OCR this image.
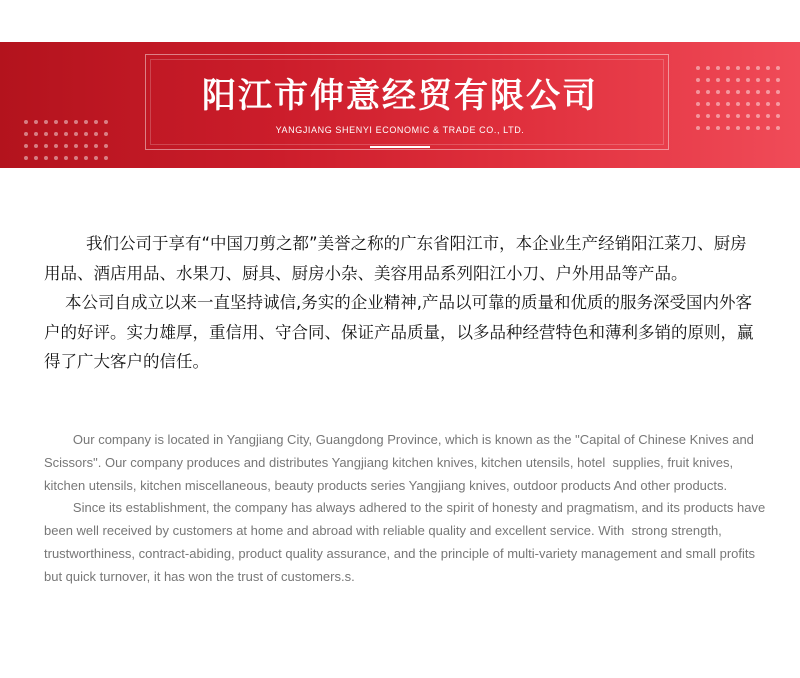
阳江市伸意经贸有限公司
YANGJIANG SHENYI ECONOMIC & TRADE CO., LTD.

我们公司于享有“中国刀剪之都”美誉之称的广东省阳江市，本企业生产经销阳江菜刀、厨房用品、酒店用品、水果刀、厨具、厨房小杂、美容用品系列阳江小刀、户外用品等产品。

本公司自成立以来一直坚持诚信,务实的企业精神,产品以可靠的质量和优质的服务深受国内外客户的好评。实力雄厚，重信用、守合同、保证产品质量，以多品种经营特色和薄利多销的原则，赢得了广大客户的信任。

Our company is located in Yangjiang City, Guangdong Province, which is known as the "Capital of Chinese Knives and Scissors". Our company produces and distributes Yangjiang kitchen knives, kitchen utensils, hotel  supplies, fruit knives, kitchen utensils, kitchen miscellaneous, beauty products series Yangjiang knives, outdoor products And other products.

Since its establishment, the company has always adhered to the spirit of honesty and pragmatism, and its products have been well received by customers at home and abroad with reliable quality and excellent service. With  strong strength, trustworthiness, contract-abiding, product quality assurance, and the principle of multi-variety management and small profits but quick turnover, it has won the trust of customers.s.
